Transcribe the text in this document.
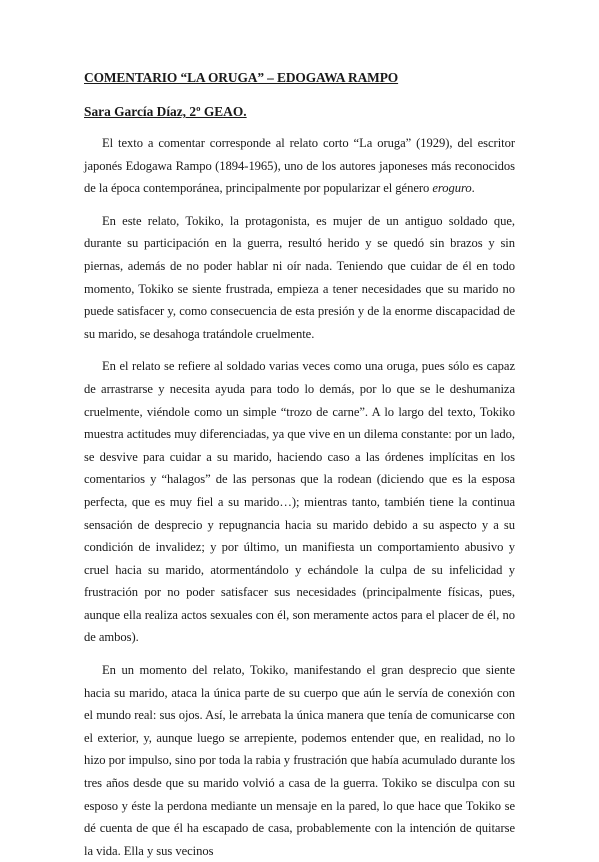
COMENTARIO “LA ORUGA” – EDOGAWA RAMPO
Sara García Díaz, 2º GEAO.

El texto a comentar corresponde al relato corto “La oruga” (1929), del escritor japonés Edogawa Rampo (1894-1965), uno de los autores japoneses más reconocidos de la época contemporánea, principalmente por popularizar el género eroguro.

En este relato, Tokiko, la protagonista, es mujer de un antiguo soldado que, durante su participación en la guerra, resultó herido y se quedó sin brazos y sin piernas, además de no poder hablar ni oír nada. Teniendo que cuidar de él en todo momento, Tokiko se siente frustrada, empieza a tener necesidades que su marido no puede satisfacer y, como consecuencia de esta presión y de la enorme discapacidad de su marido, se desahoga tratándole cruelmente.

En el relato se refiere al soldado varias veces como una oruga, pues sólo es capaz de arrastrarse y necesita ayuda para todo lo demás, por lo que se le deshumaniza cruelmente, viéndole como un simple “trozo de carne”. A lo largo del texto, Tokiko muestra actitudes muy diferenciadas, ya que vive en un dilema constante: por un lado, se desvive para cuidar a su marido, haciendo caso a las órdenes implícitas en los comentarios y “halagos” de las personas que la rodean (diciendo que es la esposa perfecta, que es muy fiel a su marido…); mientras tanto, también tiene la continua sensación de desprecio y repugnancia hacia su marido debido a su aspecto y a su condición de invalidez; y por último, un manifiesta un comportamiento abusivo y cruel hacia su marido, atormentándolo y echándole la culpa de su infelicidad y frustración por no poder satisfacer sus necesidades (principalmente físicas, pues, aunque ella realiza actos sexuales con él, son meramente actos para el placer de él, no de ambos).

En un momento del relato, Tokiko, manifestando el gran desprecio que siente hacia su marido, ataca la única parte de su cuerpo que aún le servía de conexión con el mundo real: sus ojos. Así, le arrebata la única manera que tenía de comunicarse con el exterior, y, aunque luego se arrepiente, podemos entender que, en realidad, no lo hizo por impulso, sino por toda la rabia y frustración que había acumulado durante los tres años desde que su marido volvió a casa de la guerra. Tokiko se disculpa con su esposo y éste la perdona mediante un mensaje en la pared, lo que hace que Tokiko se dé cuenta de que él ha escapado de casa, probablemente con la intención de quitarse la vida. Ella y sus vecinos
